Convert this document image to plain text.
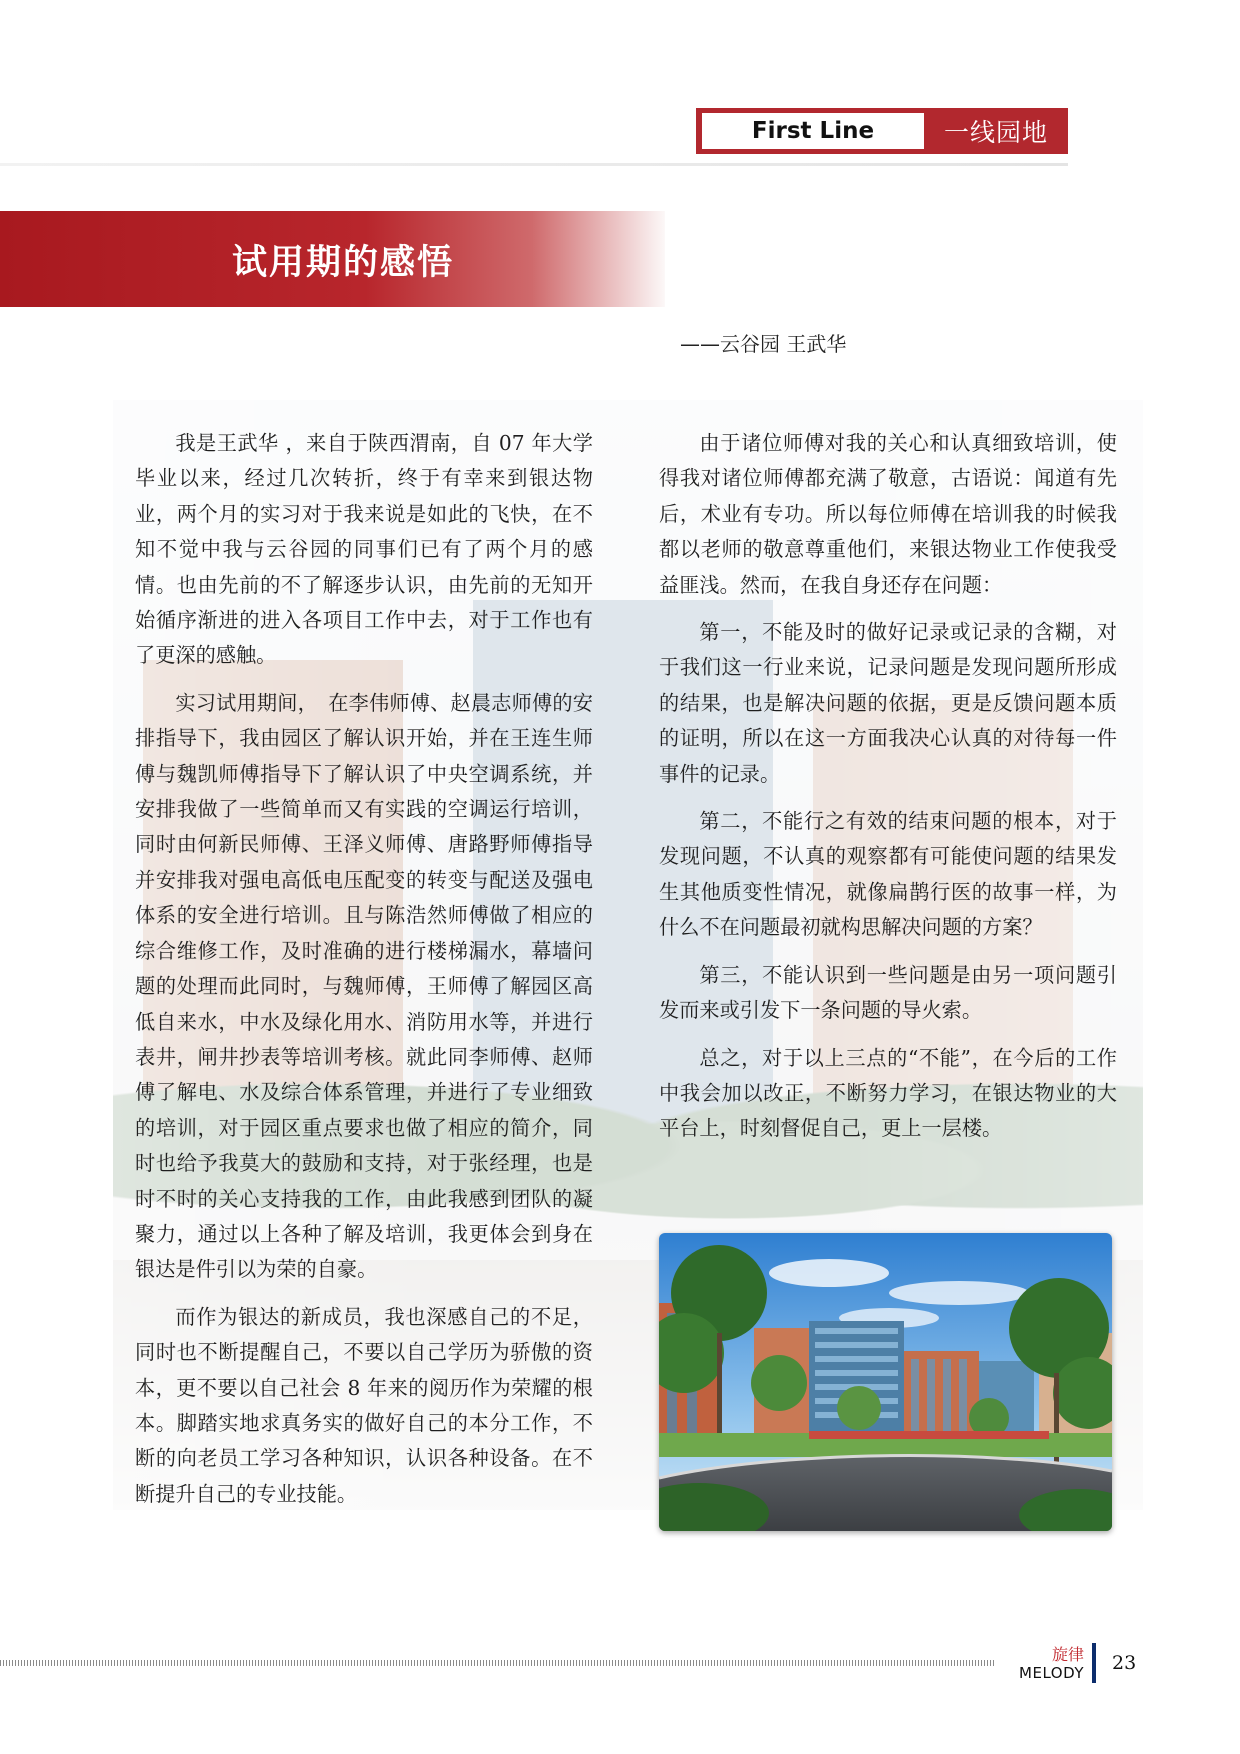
First Line	一线园地
试用期的感悟
——云谷园 王武华

我是王武华 ，来自于陕西渭南，自 07 年大学毕业以来，经过几次转折，终于有幸来到银达物业，两个月的实习对于我来说是如此的飞快，在不知不觉中我与云谷园的同事们已有了两个月的感情。也由先前的不了解逐步认识，由先前的无知开始循序渐进的进入各项目工作中去，对于工作也有了更深的感触。

实习试用期间，　在李伟师傅、赵晨志师傅的安排指导下，我由园区了解认识开始，并在王连生师傅与魏凯师傅指导下了解认识了中央空调系统，并安排我做了一些简单而又有实践的空调运行培训，同时由何新民师傅、王泽义师傅、唐路野师傅指导并安排我对强电高低电压配变的转变与配送及强电体系的安全进行培训。且与陈浩然师傅做了相应的综合维修工作，及时准确的进行楼梯漏水，幕墙问题的处理而此同时，与魏师傅，王师傅了解园区高低自来水，中水及绿化用水、消防用水等，并进行表井，闸井抄表等培训考核。就此同李师傅、赵师傅了解电、水及综合体系管理，并进行了专业细致的培训，对于园区重点要求也做了相应的简介，同时也给予我莫大的鼓励和支持，对于张经理，也是时不时的关心支持我的工作，由此我感到团队的凝聚力，通过以上各种了解及培训，我更体会到身在银达是件引以为荣的自豪。

而作为银达的新成员，我也深感自己的不足，同时也不断提醒自己，不要以自己学历为骄傲的资本，更不要以自己社会 8 年来的阅历作为荣耀的根本。脚踏实地求真务实的做好自己的本分工作，不断的向老员工学习各种知识，认识各种设备。在不断提升自己的专业技能。

由于诸位师傅对我的关心和认真细致培训，使得我对诸位师傅都充满了敬意，古语说：闻道有先后，术业有专功。所以每位师傅在培训我的时候我都以老师的敬意尊重他们，来银达物业工作使我受益匪浅。然而，在我自身还存在问题：

第一，不能及时的做好记录或记录的含糊，对于我们这一行业来说，记录问题是发现问题所形成的结果，也是解决问题的依据，更是反馈问题本质的证明，所以在这一方面我决心认真的对待每一件事件的记录。

第二，不能行之有效的结束问题的根本，对于发现问题，不认真的观察都有可能使问题的结果发生其他质变性情况，就像扁鹊行医的故事一样，为什么不在问题最初就构思解决问题的方案？

第三，不能认识到一些问题是由另一项问题引发而来或引发下一条问题的导火索。

总之，对于以上三点的“不能”，在今后的工作中我会加以改正，不断努力学习，在银达物业的大平台上，时刻督促自己，更上一层楼。

旋律
MELODY 23
